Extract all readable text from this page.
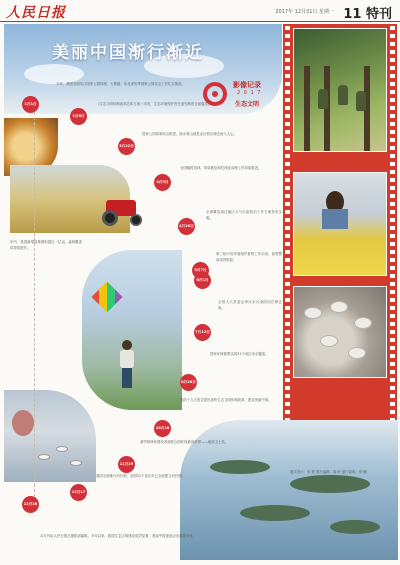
人民日报	2017年 12月31日 星期一 11 特刊
美丽中国渐行渐近
影像记录
2 0 1 7
生态文明
1月1日
1月6日
3月22日
4月5日
4月26日
5月7日
6月1日
7月12日
8月28日
10月18日
11月29日
12月17日
12月28日
今年，我国全面实行国家公园体制，大熊猫、东北虎豹等国家公园试点工作扎实推进。
《生态文明体制改革总体方案》印发，生态环境保护责任追究制度全面落实。
国家公园体制试点推进，绿水青山就是金山银山理念深入人心。
全国植树造林、草原修复和荒漠化治理工作持续推进。
京津冀及周边地区大气污染防治工作方案发布实施。
第三轮中央环境保护督察工作启动，督察整改成效明显。
全国人大常委会审议水污染防治法修正案。
国家环保督察实现31个省区市全覆盖。
党的十九大报告提出加快生态文明体制改革，建设美丽中国。
塞罕坝林场建设者获联合国环保最高荣誉——地球卫士奖。
我国全面推行河长制，全国31个省区市已全部建立河长制。
年内，我国新增造林面积超过一亿亩，森林覆盖率持续提升。
版式设计：张 珍 图片编辑：周 岭 照片说明：李 楠
本专刊由人民日报社摄影部编辑。今年以来，我国生态文明建设成效显著，美丽中国建设迈出重要步伐。
